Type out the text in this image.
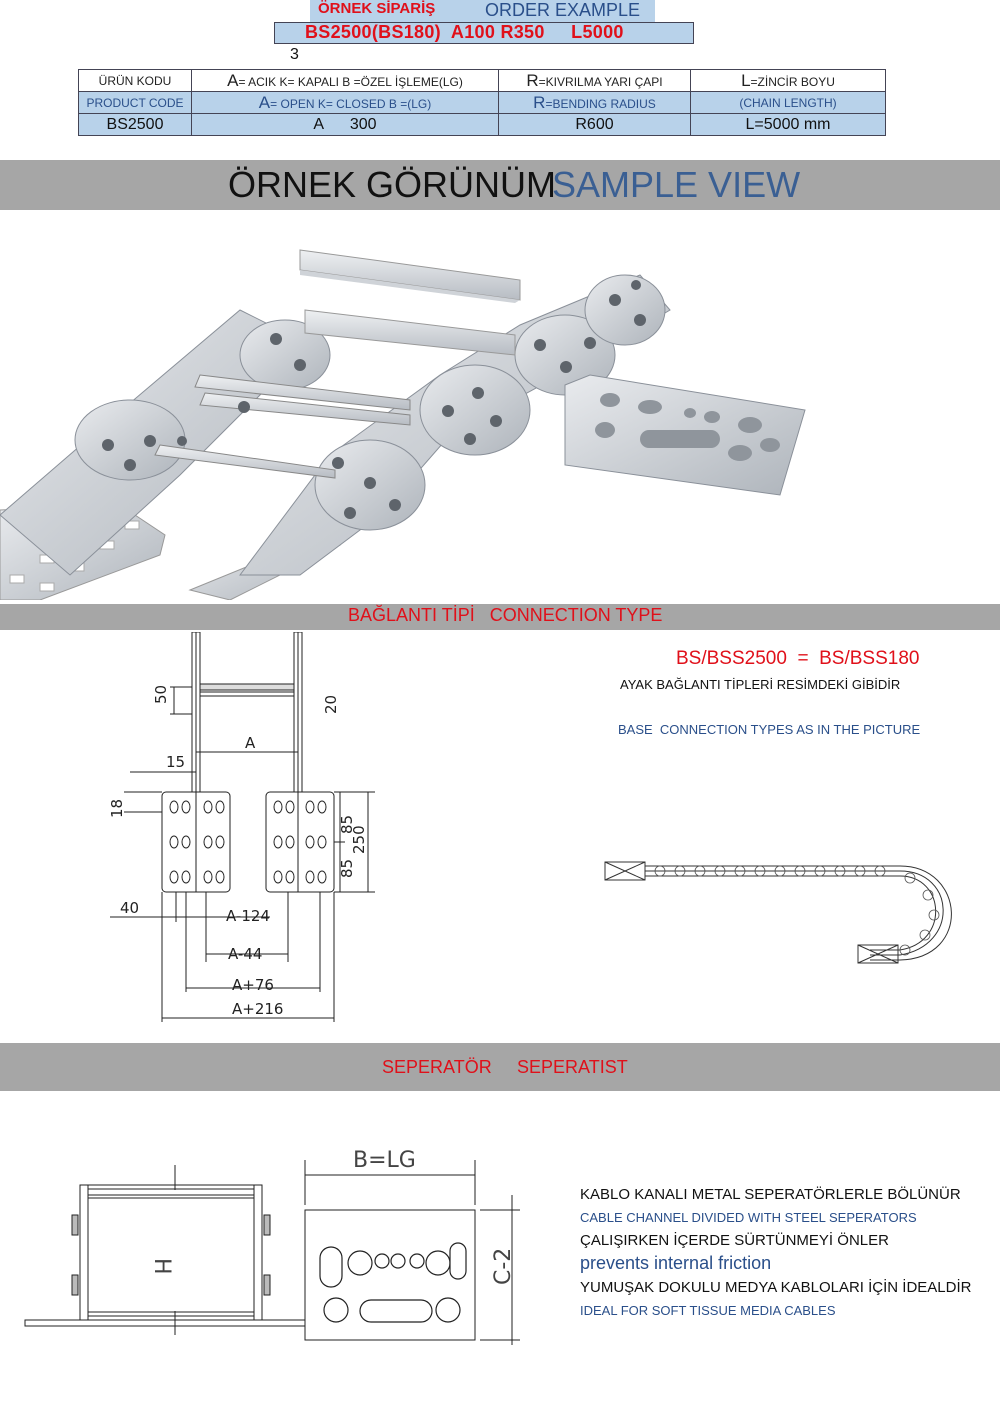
ÖRNEK SİPARİŞ	ORDER EXAMPLE
BS2500(BS180)  A100 R350     L5000
3
ÜRÜN KODU	A= ACIK K= KAPALI B =ÖZEL İŞLEME(LG)	R=KIVRILMA YARI ÇAPI	L=ZİNCİR BOYU
PRODUCT CODE	A= OPEN K= CLOSED B =(LG)	R=BENDING RADIUS	(CHAIN LENGTH)
BS2500	A      300	R600	L=5000 mm
ÖRNEK GÖRÜNÜM
SAMPLE VIEW
BAĞLANTI TİPİ   CONNECTION TYPE
50
20
A
15
18
85
85
250
40	A-124
A-44
A+76
A+216
BS/BSS2500  =  BS/BSS180
AYAK BAĞLANTI TİPLERİ RESİMDEKİ GİBİDİR
BASE  CONNECTION TYPES AS IN THE PICTURE
SEPERATÖR SEPERATIST
B=LG
H	C-2
KABLO KANALI METAL SEPERATÖRLERLE BÖLÜNÜR
CABLE CHANNEL DIVIDED WITH STEEL SEPERATORS
ÇALIŞIRKEN İÇERDE SÜRTÜNMEYİ ÖNLER
prevents internal friction
YUMUŞAK DOKULU MEDYA KABLOLARI İÇİN İDEALDİR
IDEAL FOR SOFT TISSUE MEDIA CABLES
